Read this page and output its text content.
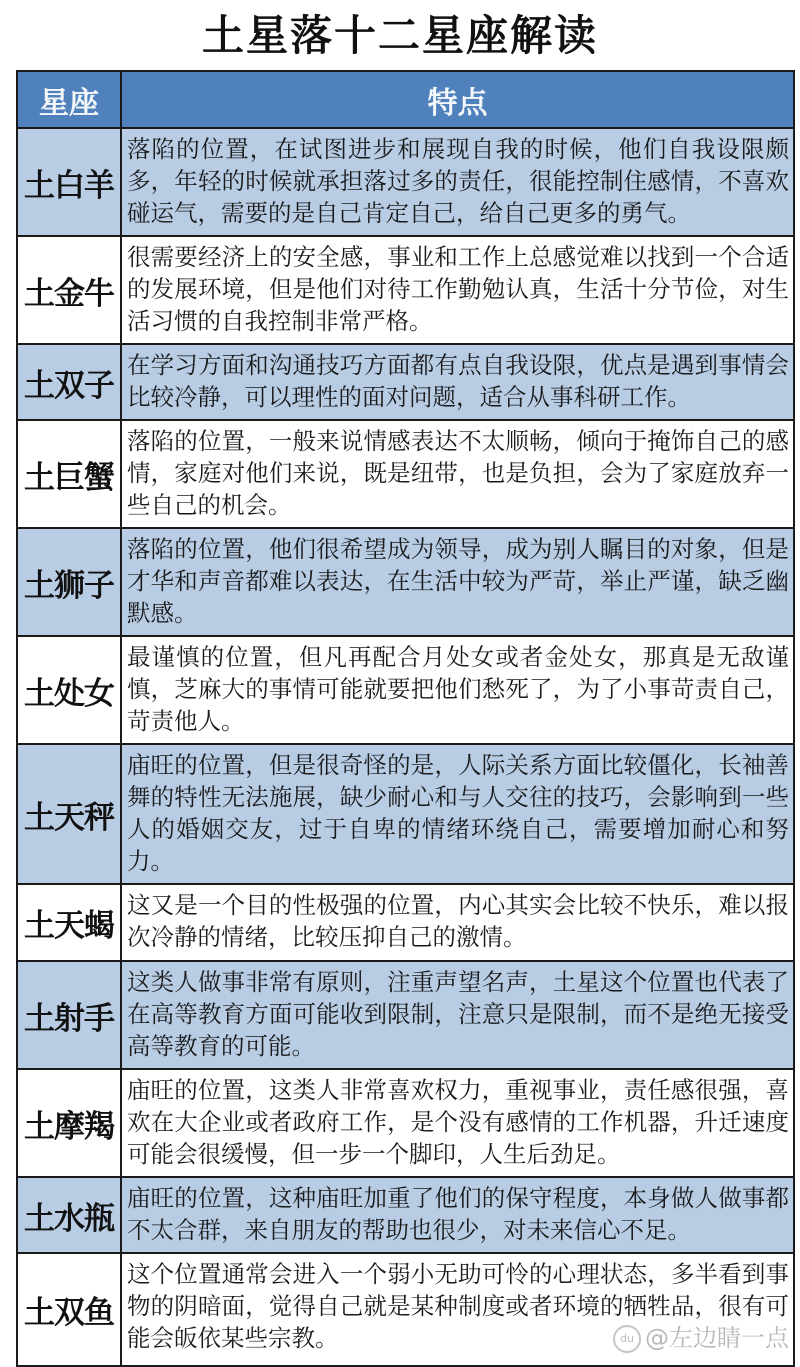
土星落十二星座解读
星座	特点
土白羊	落陷的位置，在试图进步和展现自我的时候，他们自我设限颇多，年轻的时候就承担落过多的责任，很能控制住感情，不喜欢碰运气，需要的是自己肯定自己，给自己更多的勇气。
土金牛	很需要经济上的安全感，事业和工作上总感觉难以找到一个合适的发展环境，但是他们对待工作勤勉认真，生活十分节俭，对生活习惯的自我控制非常严格。
土双子	在学习方面和沟通技巧方面都有点自我设限，优点是遇到事情会比较冷静，可以理性的面对问题，适合从事科研工作。
土巨蟹	落陷的位置，一般来说情感表达不太顺畅，倾向于掩饰自己的感情，家庭对他们来说，既是纽带，也是负担，会为了家庭放弃一些自己的机会。
土狮子	落陷的位置，他们很希望成为领导，成为别人瞩目的对象，但是才华和声音都难以表达，在生活中较为严苛，举止严谨，缺乏幽默感。
土处女	最谨慎的位置，但凡再配合月处女或者金处女，那真是无敌谨慎，芝麻大的事情可能就要把他们愁死了，为了小事苛责自己，苛责他人。
土天秤	庙旺的位置，但是很奇怪的是，人际关系方面比较僵化，长袖善舞的特性无法施展，缺少耐心和与人交往的技巧，会影响到一些人的婚姻交友，过于自卑的情绪环绕自己，需要增加耐心和努力。
土天蝎	这又是一个目的性极强的位置，内心其实会比较不快乐，难以报次冷静的情绪，比较压抑自己的激情。
土射手	这类人做事非常有原则，注重声望名声，土星这个位置也代表了在高等教育方面可能收到限制，注意只是限制，而不是绝无接受高等教育的可能。
土摩羯	庙旺的位置，这类人非常喜欢权力，重视事业，责任感很强，喜欢在大企业或者政府工作，是个没有感情的工作机器，升迁速度可能会很缓慢，但一步一个脚印，人生后劲足。
土水瓶	庙旺的位置，这种庙旺加重了他们的保守程度，本身做人做事都不太合群，来自朋友的帮助也很少，对未来信心不足。
土双鱼	这个位置通常会进入一个弱小无助可怜的心理状态，多半看到事物的阴暗面，觉得自己就是某种制度或者环境的牺牲品，很有可能会皈依某些宗教。 du @左边睛一点
